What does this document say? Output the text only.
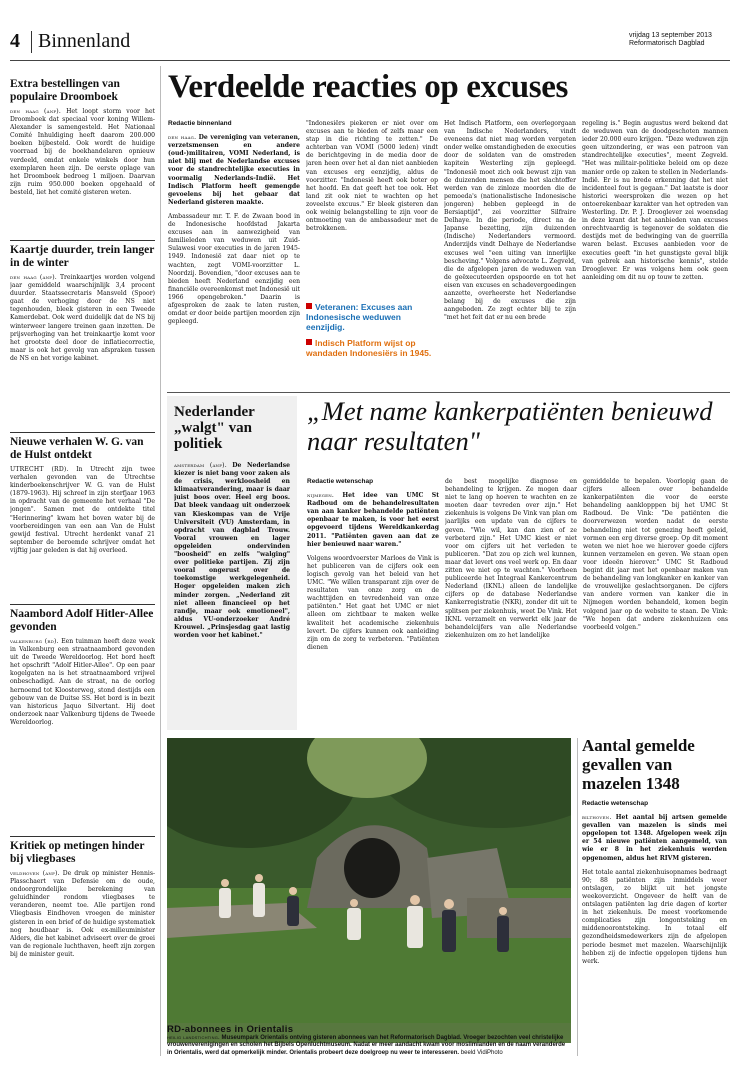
4 Binnenland	vrijdag 13 september 2013
Reformatorisch Dagblad
Extra bestellingen van populaire Droomboek
den haag (anp). Het loopt storm voor het Droomboek dat speciaal voor koning Willem-Alexander is samengesteld. Het Nationaal Comité Inhuldiging heeft daarom 200.000 boeken bijbesteld. Ook wordt de huidige voorraad bij de boekhandelaren opnieuw verdeeld, omdat enkele winkels door hun exemplaren heen zijn. De eerste oplage van het Droomboek bedroeg 1 miljoen. Daarvan zijn ruim 950.000 boeken opgehaald of besteld, liet het comité gisteren weten.
Kaartje duurder, trein langer in de winter
den haag (anp). Treinkaartjes worden volgend jaar gemiddeld waarschijnlijk 3,4 procent duurder. Staatssecretaris Mansveld (Spoor) gaat de verhoging door de NS niet tegenhouden, bleek gisteren in een Tweede Kamerdebat. Ook werd duidelijk dat de NS bij winterweer langere treinen gaan inzetten. De prijsverhoging van het treinkaartje komt voor het grootste deel door de inflatiecorrectie, maar is ook het gevolg van afspraken tussen de NS en het vorige kabinet.
Nieuwe verhalen W. G. van de Hulst ontdekt
UTRECHT (RD). In Utrecht zijn twee verhalen gevonden van de Utrechtse kinderboekenschrijver W. G. van de Hulst (1879-1963). Hij schreef in zijn sterfjaar 1963 in opdracht van de gemeente het verhaal "De jongen". Samen met de ontdekte titel "Herinnering" kwam het boven water bij de voorbereidingen van een aan Van de Hulst gewijd festival. Utrecht herdenkt vanaf 21 september de beroemde schrijver omdat het vijftig jaar geleden is dat hij overleed.
Naambord Adolf Hitler-Allee gevonden
valkenburg (rd). Een tuinman heeft deze week in Valkenburg een straatnaambord gevonden uit de Tweede Wereldoorlog. Het bord heeft het opschrift "Adolf Hitler-Allee". Op een paar kogelgaten na is het straatnaambord vrijwel onbeschadigd. Aan de straat, na de oorlog hernoemd tot Kloosterweg, stond destijds een gebouw van de Duitse SS. Het bord is in bezit van historicus Jaquo Silvertant. Hij doet onderzoek naar Valkenburg tijdens de Tweede Wereldoorlog.
Kritiek op metingen hinder bij vliegbases
veldhoven (anp). De druk op minister Hennis-Plasschaert van Defensie om de oude, ondoorgrondelijke berekening van geluidhinder rondom vliegbases te veranderen, neemt toe. Alle partijen rond Vliegbasis Eindhoven vroegen de minister gisteren in een brief of de huidige systematiek nog houdbaar is. Ook ex-milieuminister Alders, die het kabinet adviseert over de groei van de regionale luchthaven, heeft zijn zorgen bij de minister geuit.
Verdeelde reacties op excuses
Redactie binnenland

den haag. De vereniging van veteranen, verzetsmensen en andere (oud-)militairen, VOMI Nederland, is niet blij met de Nederlandse excuses voor de standrechtelijke executies in voormalig Nederlands-Indië. Het Indisch Platform heeft gemengde gevoelens bij het gebaar dat Nederland gisteren maakte.

Ambassadeur mr. T. F. de Zwaan bood in de Indonesische hoofdstad Jakarta excuses aan in aanwezigheid van familieleden van weduwen uit Zuid-Sulawesi voor executies in de jaren 1945-1949. Indonesië zat daar niet op te wachten, zegt VOMI-voorzitter L. Noordzij. Bovendien, "door excuses aan te bieden heeft Nederland eenzijdig een financiële overeenkomst met Indonesië uit 1966 opengebroken." Daarin is afgesproken de zaak te laten rusten, omdat er door beide partijen moorden zijn gepleegd.

"Indonesiërs piekeren er niet over om excuses aan te bieden of zelfs maar een stap in die richting te zetten." De achterban van VOMI (5000 leden) vindt de berichtgeving in de media door de jaren heen over het al dan niet aanbieden van excuses erg eenzijdig, aldus de voorzitter. "Indonesië heeft ook boter op het hoofd. En dat geeft het toe ook. Het land zit ook niet te wachten op het zoveelste excuus." Er bleek gisteren dan ook weinig belangstelling te zijn voor de ontmoeting van de ambassadeur met de betrokkenen.
Veteranen: Excuses aan Indonesische weduwen eenzijdig.
Indisch Platform wijst op wandaden Indonesiërs in 1945.
Het Indisch Platform, een overlegorgaan van Indische Nederlanders, vindt eveneens dat niet mag worden vergeten onder welke omstandigheden de executies door de soldaten van de omstreden kapitein Westerling zijn gepleegd. "Indonesië moet zich ook bewust zijn van de duizenden mensen die het slachtoffer werden van de zinloze moorden die de pemoeda's (nationalistische Indonesische jongeren) hebben gepleegd in de Bersiaptijd", zei voorzitter Silfraire Delhaye. In die periode, direct na de Japanse bezetting, zijn duizenden (Indische) Nederlanders vermoord. Anderzijds vindt Delhaye de Nederlandse excuses wel "een uiting van innerlijke bescheving." Volgens advocate L. Zegveld, die de afgelopen jaren de weduwen van de geëxecuteerden opspoorde en tot het eisen van excuses en schadevergoedingen aanzette, overheerste het Nederlandse belang bij de excuses die zijn aangeboden. Ze zegt echter blij te zijn "met het feit dat er nu een brede
regeling is." Begin augustus werd bekend dat de weduwen van de doodgeschoten mannen ieder 20.000 euro krijgen. "Deze weduwen zijn geen uitzondering, er was een patroon van standrechtelijke executies", meent Zegveld. "Het was militair-politieke beleid om op deze manier orde op zaken te stellen in Nederlands-Indië. Er is nu brede erkenning dat het niet incidenteel fout is gegaan." Dat laatste is door historici weersproken die wezen op het ontoerekenbaar karakter van het optreden van Westerling. Dr. P. J. Drooglever zei woensdag in deze krant dat het aanbieden van excuses onrechtvaardig is tegenover de soldaten die destijds met de bedwinging van de guerrilla waren belast. Excuses aanbieden voor de executies geeft "in het gunstigste geval blijk van gebrek aan historische kennis", stelde Drooglever. Er was volgens hem ook geen aanleiding om dit nu op touw te zetten.
Nederlander „walgt" van politiek
amsterdam (anp). De Nederlandse kiezer is niet bang voor zaken als de crisis, werkloosheid en klimaatverandering, maar is daar juist boos over. Heel erg boos. Dat bleek vandaag uit onderzoek van Kieskompas van de Vrije Universiteit (VU) Amsterdam, in opdracht van dagblad Trouw. Vooral vrouwen en lager opgeleiden ondervinden "boosheid" en zelfs "walging" over politieke partijen. Zij zijn vooral ongerust over de toekomstige werkgelegenheid. Hoger opgeleiden maken zich minder zorgen. „Nederland zit niet alleen financieel op het randje, maar ook emotioneel", aldus VU-onderzoeker André Krouwel. „Prinsjesdag gaat lastig worden voor het kabinet."
„Met name kankerpatiënten benieuwd naar resultaten"
Redactie wetenschap

nijmegen. Het idee van UMC St Radboud om de behandelresultaten van aan kanker behandelde patiënten openbaar te maken, is voor het eerst opgevoerd tijdens Wereldkankerdag 2011. "Patiënten gaven aan dat ze hier benieuwd naar waren."

Volgens woordvoerster Marloes de Vink is het publiceren van de cijfers ook een logisch gevolg van het beleid van het UMC. "We willen transparant zijn over de resultaten van onze zorg en de wachttijden en tevredenheid van onze patiënten." Het gaat het UMC er niet alleen om zichtbaar te maken welke kwaliteit het academische ziekenhuis levert. De cijfers kunnen ook aanleiding zijn om de zorg te verbeteren. "Patiënten dienen

de best mogelijke diagnose en behandeling te krijgen. Ze mogen daar niet te lang op hoeven te wachten en ze moeten daar tevreden over zijn." Het ziekenhuis is volgens De Vink van plan om jaarlijks een update van de cijfers te geven. "Wie wil, kan dan zien of ze verbeterd zijn." Het UMC kiest er niet voor om cijfers uit het verleden te publiceren. "Dat zou op zich wel kunnen, maar dat levert ons veel werk op. En daar zitten we niet op te wachten." Voorheen publiceerde het Integraal Kankercentrum Nederland (IKNL) alleen de landelijke cijfers op de database Nederlandse Kankerregistratie (NKR), zonder dit uit te splitsen per ziekenhuis, weet De Vink. Het IKNL verzamelt en verwerkt elk jaar de behandelcijfers van alle Nederlandse ziekenhuizen om zo het landelijke
gemiddelde te bepalen. Voorlopig gaan de cijfers alleen over behandelde kankerpatiënten die voor de eerste behandeling aanklopppen bij het UMC St Radboud. De Vink: "De patiënten die doorverwezen worden nadat de eerste behandeling niet tot genezing heeft geleid, vormen een erg diverse groep. Op dit moment weten we niet hoe we hierover goede cijfers kunnen verzamelen en geven. We staan open voor ideeën hierover." UMC St Radboud begint dit jaar met het openbaar maken van de behandeling van longkanker en kanker van de vrouwelijke geslachtsorganen. De cijfers van andere vormen van kanker die in Nijmegen worden behandeld, komen begin volgend jaar op de website te staan. De Vink: "We hopen dat andere ziekenhuizen ons voorbeeld volgen."
RD-abonnees in Orientalis
heilig landstichting. Museumpark Orientalis ontving gisteren abonnees van het Reformatorisch Dagblad. Vroeger bezochten veel christelijke vrouwenverenigingen en scholen het Bijbels Openluchtmuseum. Nadat er meer aandacht kwam voor moslimlanden en de naam veranderde in Orientalis, werd dat opmerkelijk minder. Orientalis probeert deze doelgroep nu weer te interesseren. beeld VidiPhoto
Aantal gemelde gevallen van mazelen 1348
Redactie wetenschap

bilthoven. Het aantal bij artsen gemelde gevallen van mazelen is sinds mei opgelopen tot 1348. Afgelopen week zijn er 54 nieuwe patiënten aangemeld, van wie er 8 in het ziekenhuis werden opgenomen, aldus het RIVM gisteren.

Het totale aantal ziekenhuisopnames bedraagt 90; 88 patiënten zijn inmiddels weer ontslagen, zo blijkt uit het jongste weekoverzicht. Ongeveer de helft van de ontslagen patiënten lag drie dagen of korter in het ziekenhuis. De meest voorkomende complicaties zijn longontsteking en middenoorontsteking. In totaal elf gezondheidsmedewerkers zijn de afgelopen periode besmet met mazelen. Waarschijnlijk hebben zij de infectie opgelopen tijdens hun werk.
